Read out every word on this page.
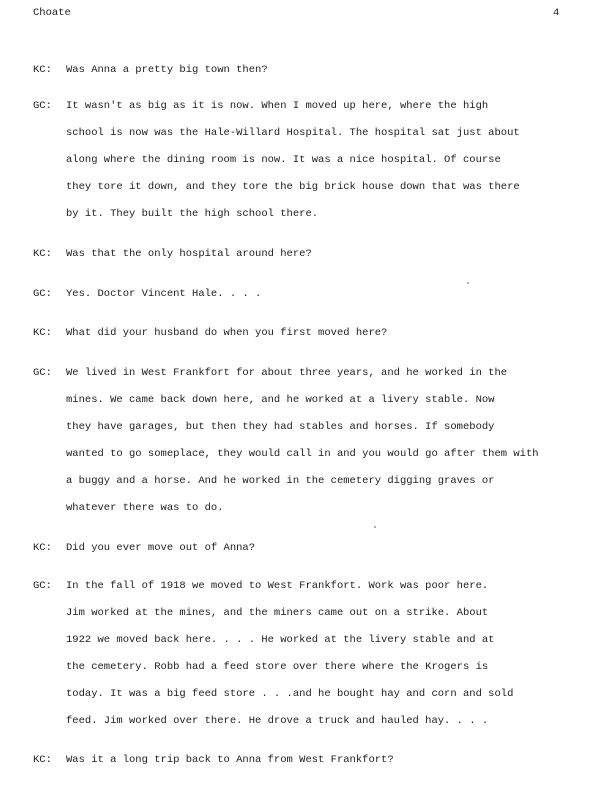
Choate	4
KC: Was Anna a pretty big town then?
GC: It wasn't as big as it is now. When I moved up here, where the high
school is now was the Hale-Willard Hospital. The hospital sat just about
along where the dining room is now. It was a nice hospital. Of course
they tore it down, and they tore the big brick house down that was there
by it. They built the high school there.
KC: Was that the only hospital around here?
GC: Yes. Doctor Vincent Hale. . . .
KC: What did your husband do when you first moved here?
GC: We lived in West Frankfort for about three years, and he worked in the
mines. We came back down here, and he worked at a livery stable. Now
they have garages, but then they had stables and horses. If somebody
wanted to go someplace, they would call in and you would go after them with
a buggy and a horse. And he worked in the cemetery digging graves or
whatever there was to do.
KC: Did you ever move out of Anna?
GC: In the fall of 1918 we moved to West Frankfort. Work was poor here.
Jim worked at the mines, and the miners came out on a strike. About
1922 we moved back here. . . . He worked at the livery stable and at
the cemetery. Robb had a feed store over there where the Krogers is
today. It was a big feed store . . .and he bought hay and corn and sold
feed. Jim worked over there. He drove a truck and hauled hay. . . .
KC: Was it a long trip back to Anna from West Frankfort?
